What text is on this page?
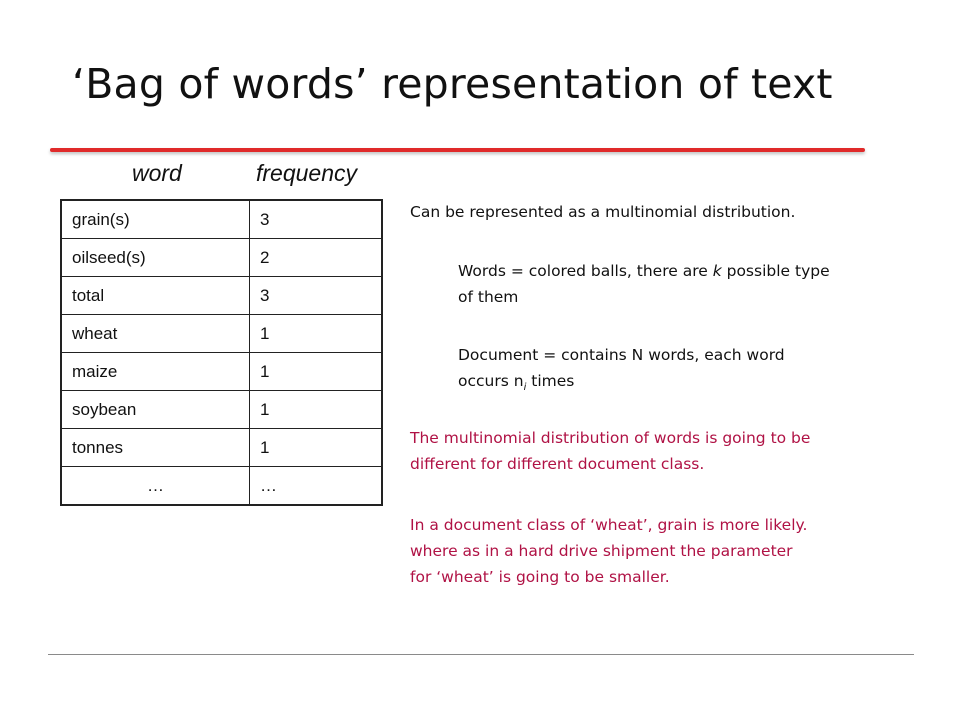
‘Bag of words’ representation of text
word	frequency
grain(s)	3
oilseed(s)	2
total	3
wheat	1
maize	1
soybean	1
tonnes	1
…	…
Can be represented as a multinomial distribution.
Words = colored balls, there are k possible type
of them
Document = contains N words, each word
occurs $n_i$ times
The multinomial distribution of words is going to be
different for different document class.
In a document class of ‘wheat’, grain is more likely.
where as in a hard drive shipment the parameter
for ‘wheat’ is going to be smaller.
